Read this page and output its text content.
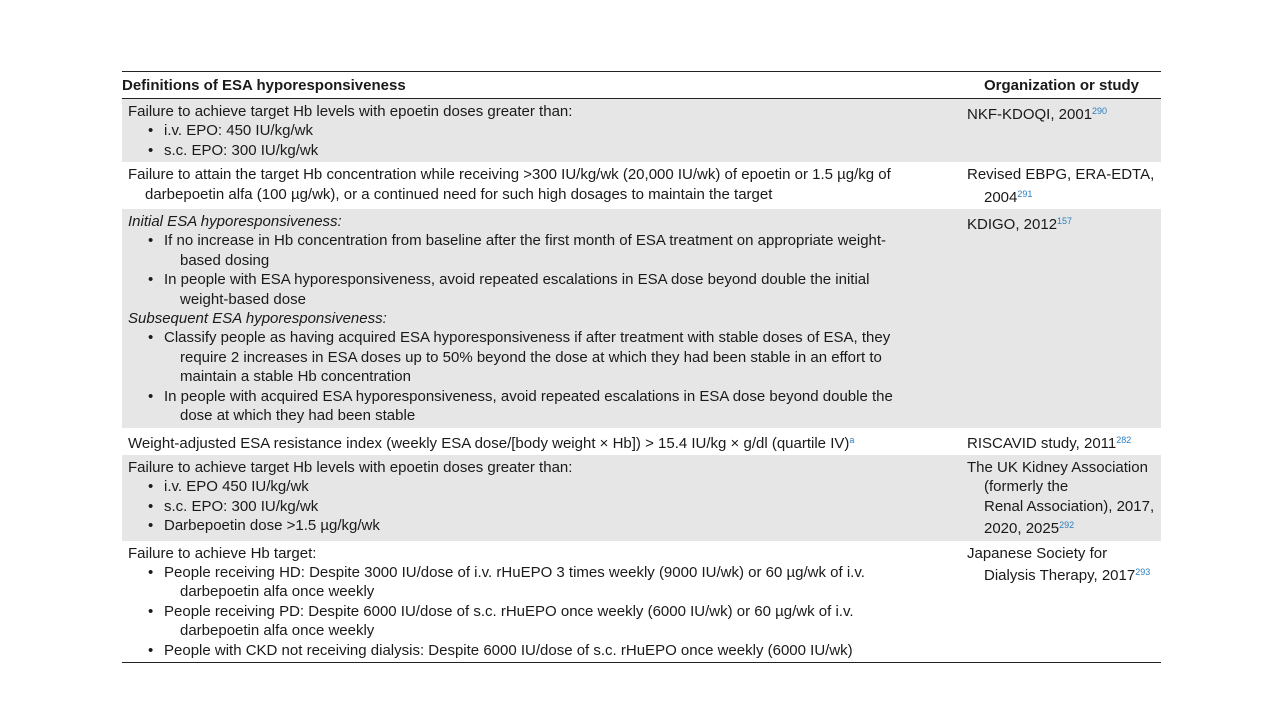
Definitions of ESA hyporesponsiveness	Organization or study
Failure to achieve target Hb levels with epoetin doses greater than:
• i.v. EPO: 450 IU/kg/wk
• s.c. EPO: 300 IU/kg/wk
NKF-KDOQI, 2001$^{290}$
Failure to attain the target Hb concentration while receiving >300 IU/kg/wk (20,000 IU/wk) of epoetin or 1.5 µg/kg of
darbepoetin alfa (100 µg/wk), or a continued need for such high dosages to maintain the target
Revised EBPG, ERA-EDTA,
2004$^{291}$
Initial ESA hyporesponsiveness:
• If no increase in Hb concentration from baseline after the first month of ESA treatment on appropriate weight-
based dosing
• In people with ESA hyporesponsiveness, avoid repeated escalations in ESA dose beyond double the initial
weight-based dose
Subsequent ESA hyporesponsiveness:
• Classify people as having acquired ESA hyporesponsiveness if after treatment with stable doses of ESA, they
require 2 increases in ESA doses up to 50% beyond the dose at which they had been stable in an effort to
maintain a stable Hb concentration
• In people with acquired ESA hyporesponsiveness, avoid repeated escalations in ESA dose beyond double the
dose at which they had been stable
KDIGO, 2012$^{157}$
Weight-adjusted ESA resistance index (weekly ESA dose/[body weight × Hb]) > 15.4 IU/kg × g/dl (quartile IV)$^a$	RISCAVID study, 2011$^{282}$
Failure to achieve target Hb levels with epoetin doses greater than:
• i.v. EPO 450 IU/kg/wk
• s.c. EPO: 300 IU/kg/wk
• Darbepoetin dose >1.5 µg/kg/wk
The UK Kidney Association
(formerly the
Renal Association), 2017,
2020, 2025$^{292}$
Failure to achieve Hb target:
• People receiving HD: Despite 3000 IU/dose of i.v. rHuEPO 3 times weekly (9000 IU/wk) or 60 µg/wk of i.v.
darbepoetin alfa once weekly
• People receiving PD: Despite 6000 IU/dose of s.c. rHuEPO once weekly (6000 IU/wk) or 60 µg/wk of i.v.
darbepoetin alfa once weekly
• People with CKD not receiving dialysis: Despite 6000 IU/dose of s.c. rHuEPO once weekly (6000 IU/wk)
Japanese Society for
Dialysis Therapy, 2017$^{293}$
